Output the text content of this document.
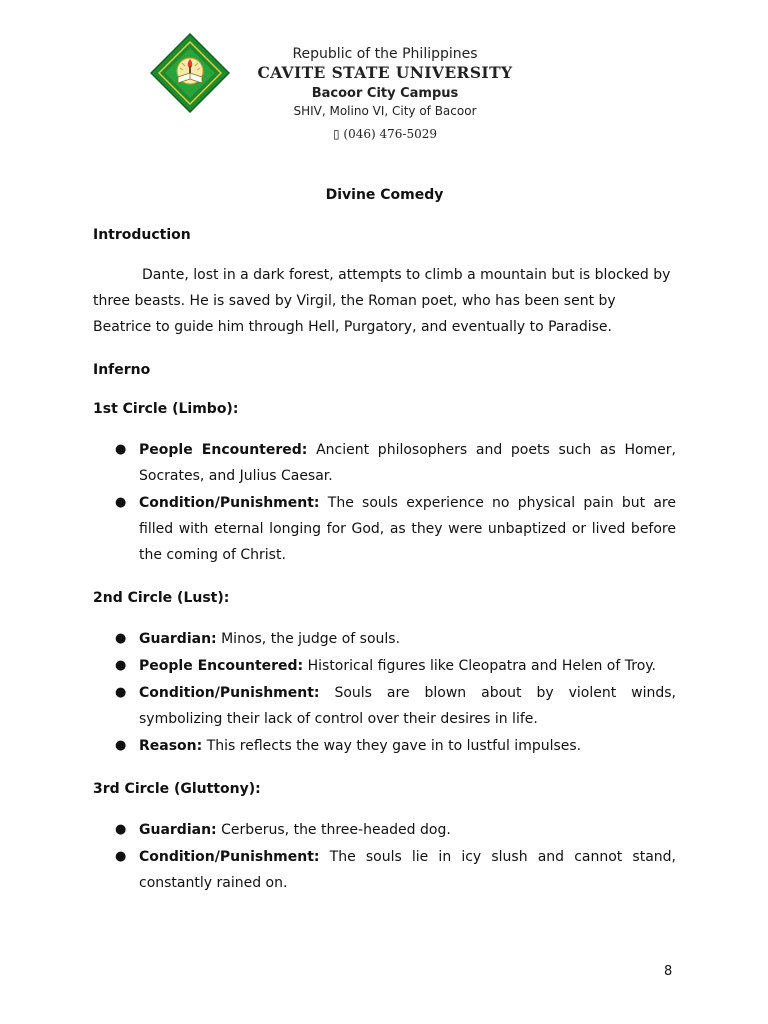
Republic of the Philippines
CAVITE STATE UNIVERSITY
Bacoor City Campus
SHIV, Molino VI, City of Bacoor
▯ (046) 476-5029

Divine Comedy

Introduction

Dante, lost in a dark forest, attempts to climb a mountain but is blocked by three beasts. He is saved by Virgil, the Roman poet, who has been sent by Beatrice to guide him through Hell, Purgatory, and eventually to Paradise.

Inferno

1st Circle (Limbo):

● People Encountered: Ancient philosophers and poets such as Homer, Socrates, and Julius Caesar.
● Condition/Punishment: The souls experience no physical pain but are filled with eternal longing for God, as they were unbaptized or lived before the coming of Christ.

2nd Circle (Lust):

● Guardian: Minos, the judge of souls.
● People Encountered: Historical figures like Cleopatra and Helen of Troy.
● Condition/Punishment: Souls are blown about by violent winds, symbolizing their lack of control over their desires in life.
● Reason: This reflects the way they gave in to lustful impulses.

3rd Circle (Gluttony):

● Guardian: Cerberus, the three-headed dog.
● Condition/Punishment: The souls lie in icy slush and cannot stand, constantly rained on.
8
